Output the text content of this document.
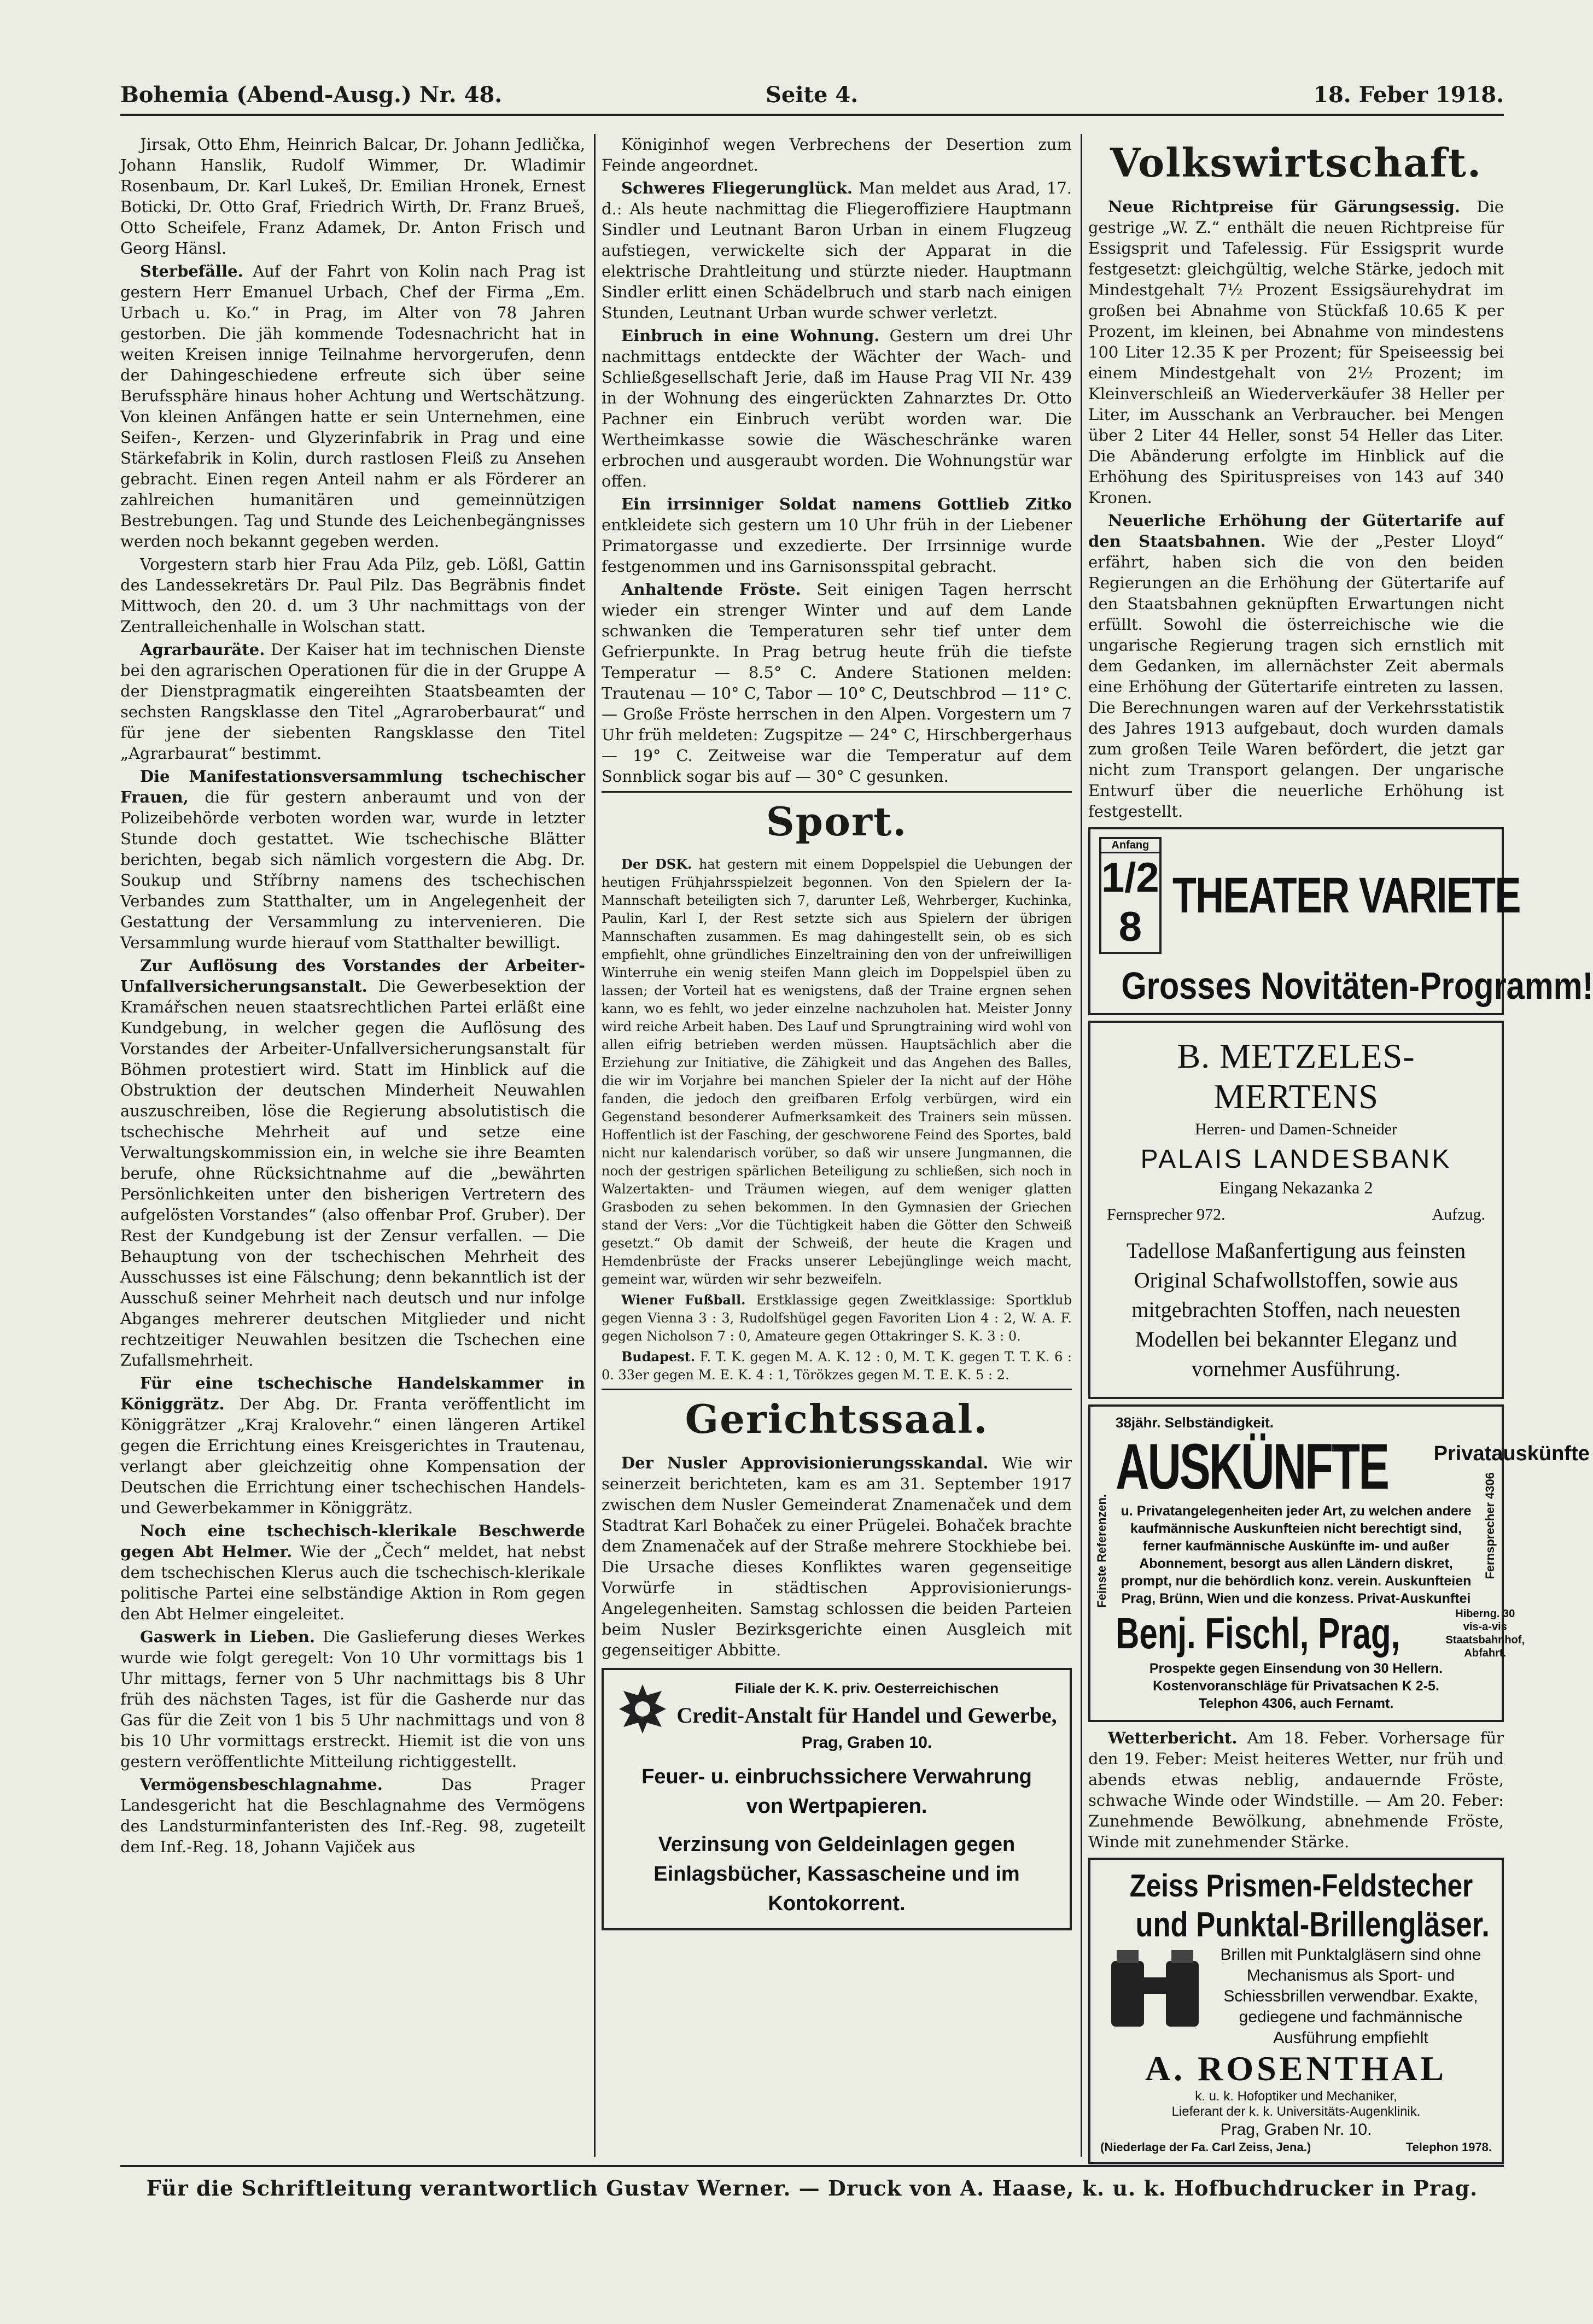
Bohemia (Abend-Ausg.) Nr. 48.	Seite 4.	18. Feber 1918.

Jirsak, Otto Ehm, Heinrich Balcar, Dr. Johann Jedlička, Johann Hanslik, Rudolf Wimmer, Dr. Wladimir Rosenbaum, Dr. Karl Lukeš, Dr. Emilian Hronek, Ernest Boticki, Dr. Otto Graf, Friedrich Wirth, Dr. Franz Brueš, Otto Scheifele, Franz Adamek, Dr. Anton Frisch und Georg Hänsl.

Sterbefälle. Auf der Fahrt von Kolin nach Prag ist gestern Herr Emanuel Urbach, Chef der Firma „Em. Urbach u. Ko.“ in Prag, im Alter von 78 Jahren gestorben. Die jäh kommende Todesnachricht hat in weiten Kreisen innige Teilnahme hervorgerufen, denn der Dahingeschiedene erfreute sich über seine Berufssphäre hinaus hoher Achtung und Wertschätzung. Von kleinen Anfängen hatte er sein Unternehmen, eine Seifen-, Kerzen- und Glyzerinfabrik in Prag und eine Stärkefabrik in Kolin, durch rastlosen Fleiß zu Ansehen gebracht. Einen regen Anteil nahm er als Förderer an zahlreichen humanitären und gemeinnützigen Bestrebungen. Tag und Stunde des Leichenbegängnisses werden noch bekannt gegeben werden.

Vorgestern starb hier Frau Ada Pilz, geb. Lößl, Gattin des Landessekretärs Dr. Paul Pilz. Das Begräbnis findet Mittwoch, den 20. d. um 3 Uhr nachmittags von der Zentralleichenhalle in Wolschan statt.

Agrarbauräte. Der Kaiser hat im technischen Dienste bei den agrarischen Operationen für die in der Gruppe A der Dienstpragmatik eingereihten Staatsbeamten der sechsten Rangsklasse den Titel „Agraroberbaurat“ und für jene der siebenten Rangsklasse den Titel „Agrarbaurat“ bestimmt.

Die Manifestationsversammlung tschechischer Frauen, die für gestern anberaumt und von der Polizeibehörde verboten worden war, wurde in letzter Stunde doch gestattet. Wie tschechische Blätter berichten, begab sich nämlich vorgestern die Abg. Dr. Soukup und Stříbrny namens des tschechischen Verbandes zum Statthalter, um in Angelegenheit der Gestattung der Versammlung zu intervenieren. Die Versammlung wurde hierauf vom Statthalter bewilligt.

Zur Auflösung des Vorstandes der Arbeiter-Unfallversicherungsanstalt. Die Gewerbesektion der Kramářschen neuen staatsrechtlichen Partei erläßt eine Kundgebung, in welcher gegen die Auflösung des Vorstandes der Arbeiter-Unfallversicherungsanstalt für Böhmen protestiert wird. Statt im Hinblick auf die Obstruktion der deutschen Minderheit Neuwahlen auszuschreiben, löse die Regierung absolutistisch die tschechische Mehrheit auf und setze eine Verwaltungskommission ein, in welche sie ihre Beamten berufe, ohne Rücksichtnahme auf die „bewährten Persönlichkeiten unter den bisherigen Vertretern des aufgelösten Vorstandes“ (also offenbar Prof. Gruber). Der Rest der Kundgebung ist der Zensur verfallen. — Die Behauptung von der tschechischen Mehrheit des Ausschusses ist eine Fälschung; denn bekanntlich ist der Ausschuß seiner Mehrheit nach deutsch und nur infolge Abganges mehrerer deutschen Mitglieder und nicht rechtzeitiger Neuwahlen besitzen die Tschechen eine Zufallsmehrheit.

Für eine tschechische Handelskammer in Königgrätz. Der Abg. Dr. Franta veröffentlicht im Königgrätzer „Kraj Kralovehr.“ einen längeren Artikel gegen die Errichtung eines Kreisgerichtes in Trautenau, verlangt aber gleichzeitig ohne Kompensation der Deutschen die Errichtung einer tschechischen Handels- und Gewerbekammer in Königgrätz.

Noch eine tschechisch-klerikale Beschwerde gegen Abt Helmer. Wie der „Čech“ meldet, hat nebst dem tschechischen Klerus auch die tschechisch-klerikale politische Partei eine selbständige Aktion in Rom gegen den Abt Helmer eingeleitet.

Gaswerk in Lieben. Die Gaslieferung dieses Werkes wurde wie folgt geregelt: Von 10 Uhr vormittags bis 1 Uhr mittags, ferner von 5 Uhr nachmittags bis 8 Uhr früh des nächsten Tages, ist für die Gasherde nur das Gas für die Zeit von 1 bis 5 Uhr nachmittags und von 8 bis 10 Uhr vormittags erstreckt. Hiemit ist die von uns gestern veröffentlichte Mitteilung richtiggestellt.

Vermögensbeschlagnahme.	Das Prager Landesgericht hat die Beschlagnahme des Vermögens des Landsturminfanteristen des Inf.-Reg. 98, zugeteilt dem Inf.-Reg. 18, Johann Vajiček aus

Königinhof wegen Verbrechens der Desertion zum Feinde angeordnet.

Schweres Fliegerunglück. Man meldet aus Arad, 17. d.: Als heute nachmittag die Fliegeroffiziere Hauptmann Sindler und Leutnant Baron Urban in einem Flugzeug aufstiegen, verwickelte sich der Apparat in die elektrische Drahtleitung und stürzte nieder. Hauptmann Sindler erlitt einen Schädelbruch und starb nach einigen Stunden, Leutnant Urban wurde schwer verletzt.

Einbruch in eine Wohnung. Gestern um drei Uhr nachmittags entdeckte der Wächter der Wach- und Schließgesellschaft Jerie, daß im Hause Prag VII Nr. 439 in der Wohnung des eingerückten Zahnarztes Dr. Otto Pachner ein Einbruch verübt worden war. Die Wertheimkasse sowie die Wäscheschränke waren erbrochen und ausgeraubt worden. Die Wohnungstür war offen.

Ein irrsinniger Soldat namens Gottlieb Zitko entkleidete sich gestern um 10 Uhr früh in der Liebener Primatorgasse und exzedierte. Der Irrsinnige wurde festgenommen und ins Garnisonsspital gebracht.

Anhaltende Fröste. Seit einigen Tagen herrscht wieder ein strenger Winter und auf dem Lande schwanken die Temperaturen sehr tief unter dem Gefrierpunkte. In Prag betrug heute früh die tiefste Temperatur — 8.5° C. Andere Stationen melden: Trautenau — 10° C, Tabor — 10° C, Deutschbrod — 11° C. — Große Fröste herrschen in den Alpen. Vorgestern um 7 Uhr früh meldeten: Zugspitze — 24° C, Hirschbergerhaus — 19° C. Zeitweise war die Temperatur auf dem Sonnblick sogar bis auf — 30° C gesunken.

Sport.

Der DSK. hat gestern mit einem Doppelspiel die Uebungen der heutigen Frühjahrsspielzeit begonnen. Von den Spielern der Ia-Mannschaft beteiligten sich 7, darunter Leß, Wehrberger, Kuchinka, Paulin, Karl I, der Rest setzte sich aus Spielern der übrigen Mannschaften zusammen. Es mag dahingestellt sein, ob es sich empfiehlt, ohne gründliches Einzeltraining den von der unfreiwilligen Winterruhe ein wenig steifen Mann gleich im Doppelspiel üben zu lassen; der Vorteil hat es wenigstens, daß der Traine ergnen sehen kann, wo es fehlt, wo jeder einzelne nachzuholen hat. Meister Jonny wird reiche Arbeit haben. Des Lauf und Sprungtraining wird wohl von allen eifrig betrieben werden müssen. Hauptsächlich aber die Erziehung zur Initiative, die Zähigkeit und das Angehen des Balles, die wir im Vorjahre bei manchen Spieler der Ia nicht auf der Höhe fanden, die jedoch den greifbaren Erfolg verbürgen, wird ein Gegenstand besonderer Aufmerksamkeit des Trainers sein müssen. Hoffentlich ist der Fasching, der geschworene Feind des Sportes, bald nicht nur kalendarisch vorüber, so daß wir unsere Jungmannen, die noch der gestrigen spärlichen Beteiligung zu schließen, sich noch in Walzertakten- und Träumen wiegen, auf dem weniger glatten Grasboden zu sehen bekommen. In den Gymnasien der Griechen stand der Vers: „Vor die Tüchtigkeit haben die Götter den Schweiß gesetzt.“ Ob damit der Schweiß, der heute die Kragen und Hemdenbrüste der Fracks unserer Lebejünglinge weich macht, gemeint war, würden wir sehr bezweifeln.

Wiener Fußball. Erstklassige gegen Zweitklassige: Sportklub gegen Vienna 3 : 3, Rudolfshügel gegen Favoriten Lion 4 : 2, W. A. F. gegen Nicholson 7 : 0, Amateure gegen Ottakringer S. K. 3 : 0.

Budapest. F. T. K. gegen M. A. K. 12 : 0, M. T. K. gegen T. T. K. 6 : 0. 33er gegen M. E. K. 4 : 1, Törökzes gegen M. T. E. K. 5 : 2.

Gerichtssaal.

Der Nusler Approvisionierungsskandal. Wie wir seinerzeit berichteten, kam es am 31. September 1917 zwischen dem Nusler Gemeinderat Znamenaček und dem Stadtrat Karl Bohaček zu einer Prügelei. Bohaček brachte dem Znamenaček auf der Straße mehrere Stockhiebe bei. Die Ursache dieses Konfliktes waren gegenseitige Vorwürfe in städtischen Approvisionierungs-Angelegenheiten. Samstag schlossen die beiden Parteien beim Nusler Bezirksgerichte einen Ausgleich mit gegenseitiger Abbitte.

Filiale der K. K. priv. Oesterreichischen
Credit-Anstalt für Handel und Gewerbe,
Prag, Graben 10.
Feuer- u. einbruchssichere Verwahrung
von Wertpapieren.
Verzinsung von Geldeinlagen gegen Einlagsbücher, Kassascheine und im Kontokorrent.
Volkswirtschaft.

Neue Richtpreise für Gärungsessig. Die gestrige „W. Z.“ enthält die neuen Richtpreise für Essigsprit und Tafelessig. Für Essigsprit wurde festgesetzt: gleichgültig, welche Stärke, jedoch mit Mindestgehalt 7½ Prozent Essigsäurehydrat im großen bei Abnahme von Stückfaß 10.65 K per Prozent, im kleinen, bei Abnahme von mindestens 100 Liter 12.35 K per Prozent; für Speiseessig bei einem Mindestgehalt von 2½ Prozent; im Kleinverschleiß an Wiederverkäufer 38 Heller per Liter, im Ausschank an Verbraucher. bei Mengen über 2 Liter 44 Heller, sonst 54 Heller das Liter. Die Abänderung erfolgte im Hinblick auf die Erhöhung des Spirituspreises von 143 auf 340 Kronen.

Neuerliche Erhöhung der Gütertarife auf den Staatsbahnen. Wie der „Pester Lloyd“ erfährt, haben sich die von den beiden Regierungen an die Erhöhung der Gütertarife auf den Staatsbahnen geknüpften Erwartungen nicht erfüllt. Sowohl die österreichische wie die ungarische Regierung tragen sich ernstlich mit dem Gedanken, im allernächster Zeit abermals eine Erhöhung der Gütertarife eintreten zu lassen. Die Berechnungen waren auf der Verkehrsstatistik des Jahres 1913 aufgebaut, doch wurden damals zum großen Teile Waren befördert, die jetzt gar nicht zum Transport gelangen. Der ungarische Entwurf über die neuerliche Erhöhung ist festgestellt.

Anfang
1/2 8
THEATER VARIETE
Grosses Novitäten-Programm!
B. METZELES-MERTENS
Herren- und Damen-Schneider
PALAIS LANDESBANK
Eingang Nekazanka 2
Fernsprecher 972.	Aufzug.
Tadellose Maßanfertigung aus feinsten Original Schafwollstoffen, sowie aus mitgebrachten Stoffen, nach neuesten Modellen bei bekannter Eleganz und vornehmer Ausführung.
Feinste Referenzen.	Fernsprecher 4306
38jähr. Selbständigkeit.
AUSKÜNFTE Privatauskünfte
u. Privatangelegenheiten jeder Art, zu welchen andere kaufmännische Auskunfteien nicht berechtigt sind, ferner kaufmännische Auskünfte im- und außer Abonnement, besorgt aus allen Ländern diskret, prompt, nur die behördlich konz. verein. Auskunfteien Prag, Brünn, Wien und die konzess. Privat-Auskunftei
Benj. Fischl, Prag,	Hiberng. 30 vis-a-vis Staatsbahnhof, Abfahrt.
Prospekte gegen Einsendung von 30 Hellern. Kostenvoranschläge für Privatsachen K 2-5.
Telephon 4306, auch Fernamt.

Wetterbericht. Am 18. Feber. Vorhersage für den 19. Feber: Meist heiteres Wetter, nur früh und abends etwas neblig, andauernde Fröste, schwache Winde oder Windstille. — Am 20. Feber: Zunehmende Bewölkung, abnehmende Fröste, Winde mit zunehmender Stärke.

Zeiss Prismen-Feldstecher
und Punktal-Brillengläser.
Brillen mit Punktalgläsern sind ohne Mechanismus als Sport- und Schiessbrillen verwendbar. Exakte, gediegene und fachmännische Ausführung empfiehlt
A. ROSENTHAL
k. u. k. Hofoptiker und Mechaniker,
Lieferant der k. k. Universitäts-Augenklinik.
Prag, Graben Nr. 10.
(Niederlage der Fa. Carl Zeiss, Jena.)	Telephon 1978.
Für die Schriftleitung verantwortlich Gustav Werner. — Druck von A. Haase, k. u. k. Hofbuchdrucker in Prag.
